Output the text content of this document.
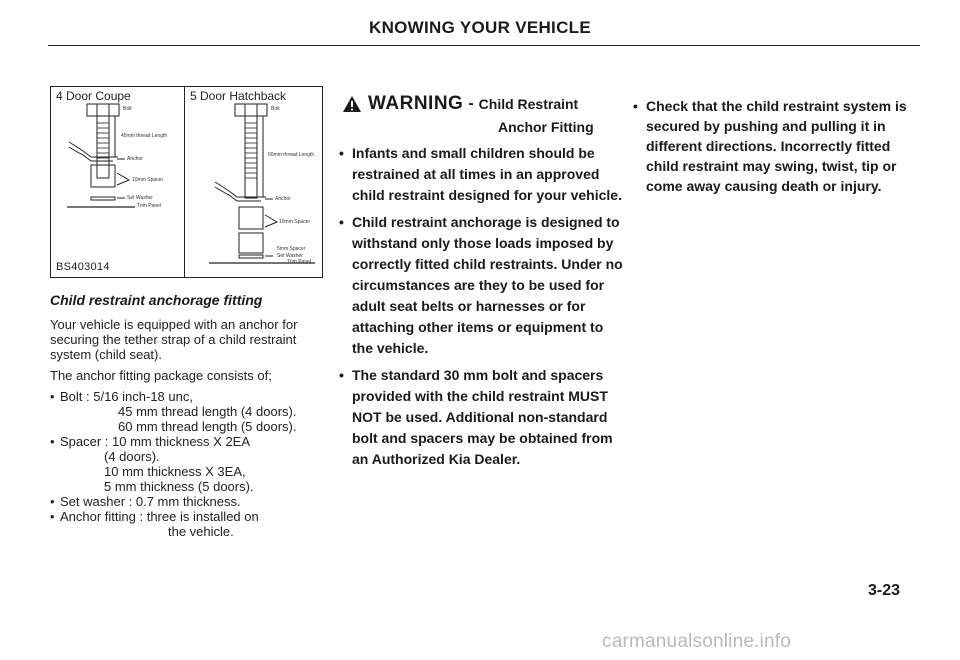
KNOWING YOUR VEHICLE
4 Door Coupe	5 Door Hatchback
Bolt
45mm thread Length
Anchor
10mm Spacer
Set Washer
Trim Panel
Bolt
60mm thread Length
Anchor
10mm Spacer
5mm Spacer
Set Washer
Trim Panel
BS403014
Child restraint anchorage fitting

Your vehicle is equipped with an anchor for securing the tether strap of a child restraint system (child seat).

The anchor fitting package consists of;

• Bolt : 5/16 inch-18 unc,
45 mm thread length (4 doors).
60 mm thread length (5 doors).
• Spacer : 10 mm thickness X 2EA
(4 doors).
10 mm thickness X 3EA,
5 mm thickness (5 doors).
• Set washer : 0.7 mm thickness.
• Anchor fitting : three is installed on
the vehicle.
WARNING - Child Restraint
Anchor Fitting
• Infants and small children should be restrained at all times in an approved child restraint designed for your vehicle.
• Child restraint anchorage is designed to withstand only those loads imposed by correctly fitted child restraints. Under no circumstances are they to be used for adult seat belts or harnesses or for attaching other items or equipment to the vehicle.
• The standard 30 mm bolt and spacers provided with the child restraint MUST NOT be used. Additional non-standard bolt and spacers may be obtained from an Authorized Kia Dealer.
• Check that the child restraint system is secured by pushing and pulling it in different directions. Incorrectly fitted child restraint may swing, twist, tip or come away causing death or injury.
3-23
carmanualsonline.info
